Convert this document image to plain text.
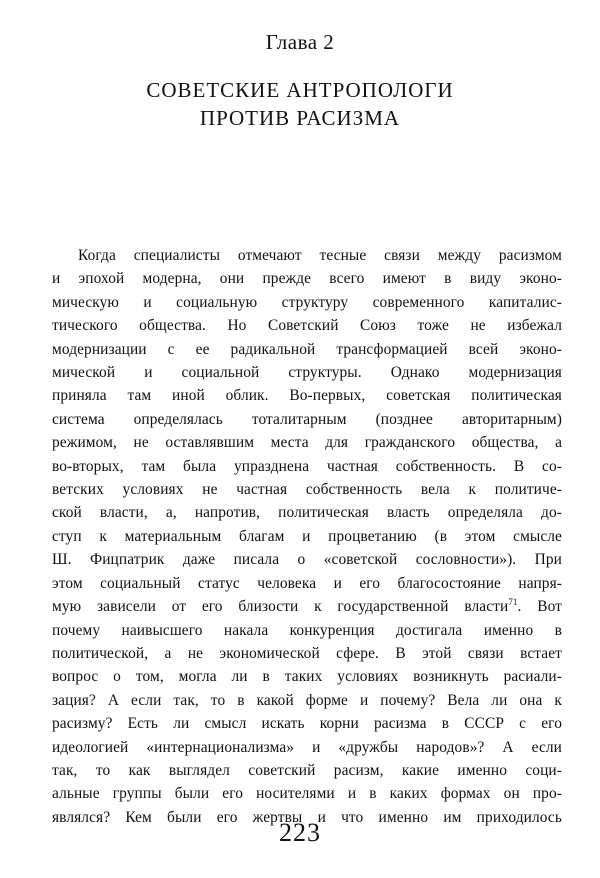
Глава 2
СОВЕТСКИЕ АНТРОПОЛОГИ
ПРОТИВ РАСИЗМА
Когда специалисты отмечают тесные связи между расизмом
и эпохой модерна, они прежде всего имеют в виду эконо-
мическую и социальную структуру современного капиталис-
тического общества. Но Советский Союз тоже не избежал
модернизации с ее радикальной трансформацией всей эконо-
мической и социальной структуры. Однако модернизация
приняла там иной облик. Во-первых, советская политическая
система определялась тоталитарным (позднее авторитарным)
режимом, не оставлявшим места для гражданского общества, а
во-вторых, там была упразднена частная собственность. В со-
ветских условиях не частная собственность вела к политиче-
ской власти, а, напротив, политическая власть определяла до-
ступ к материальным благам и процветанию (в этом смысле
Ш. Фицпатрик даже писала о «советской сословности»). При
этом социальный статус человека и его благосостояние напря-
мую зависели от его близости к государственной власти$^{71}$. Вот
почему наивысшего накала конкуренция достигала именно в
политической, а не экономической сфере. В этой связи встает
вопрос о том, могла ли в таких условиях возникнуть расиали-
зация? А если так, то в какой форме и почему? Вела ли она к
расизму? Есть ли смысл искать корни расизма в СССР с его
идеологией «интернационализма» и «дружбы народов»? А если
так, то как выглядел советский расизм, какие именно соци-
альные группы были его носителями и в каких формах он про-
являлся? Кем были его жертвы и что именно им приходилось
223
